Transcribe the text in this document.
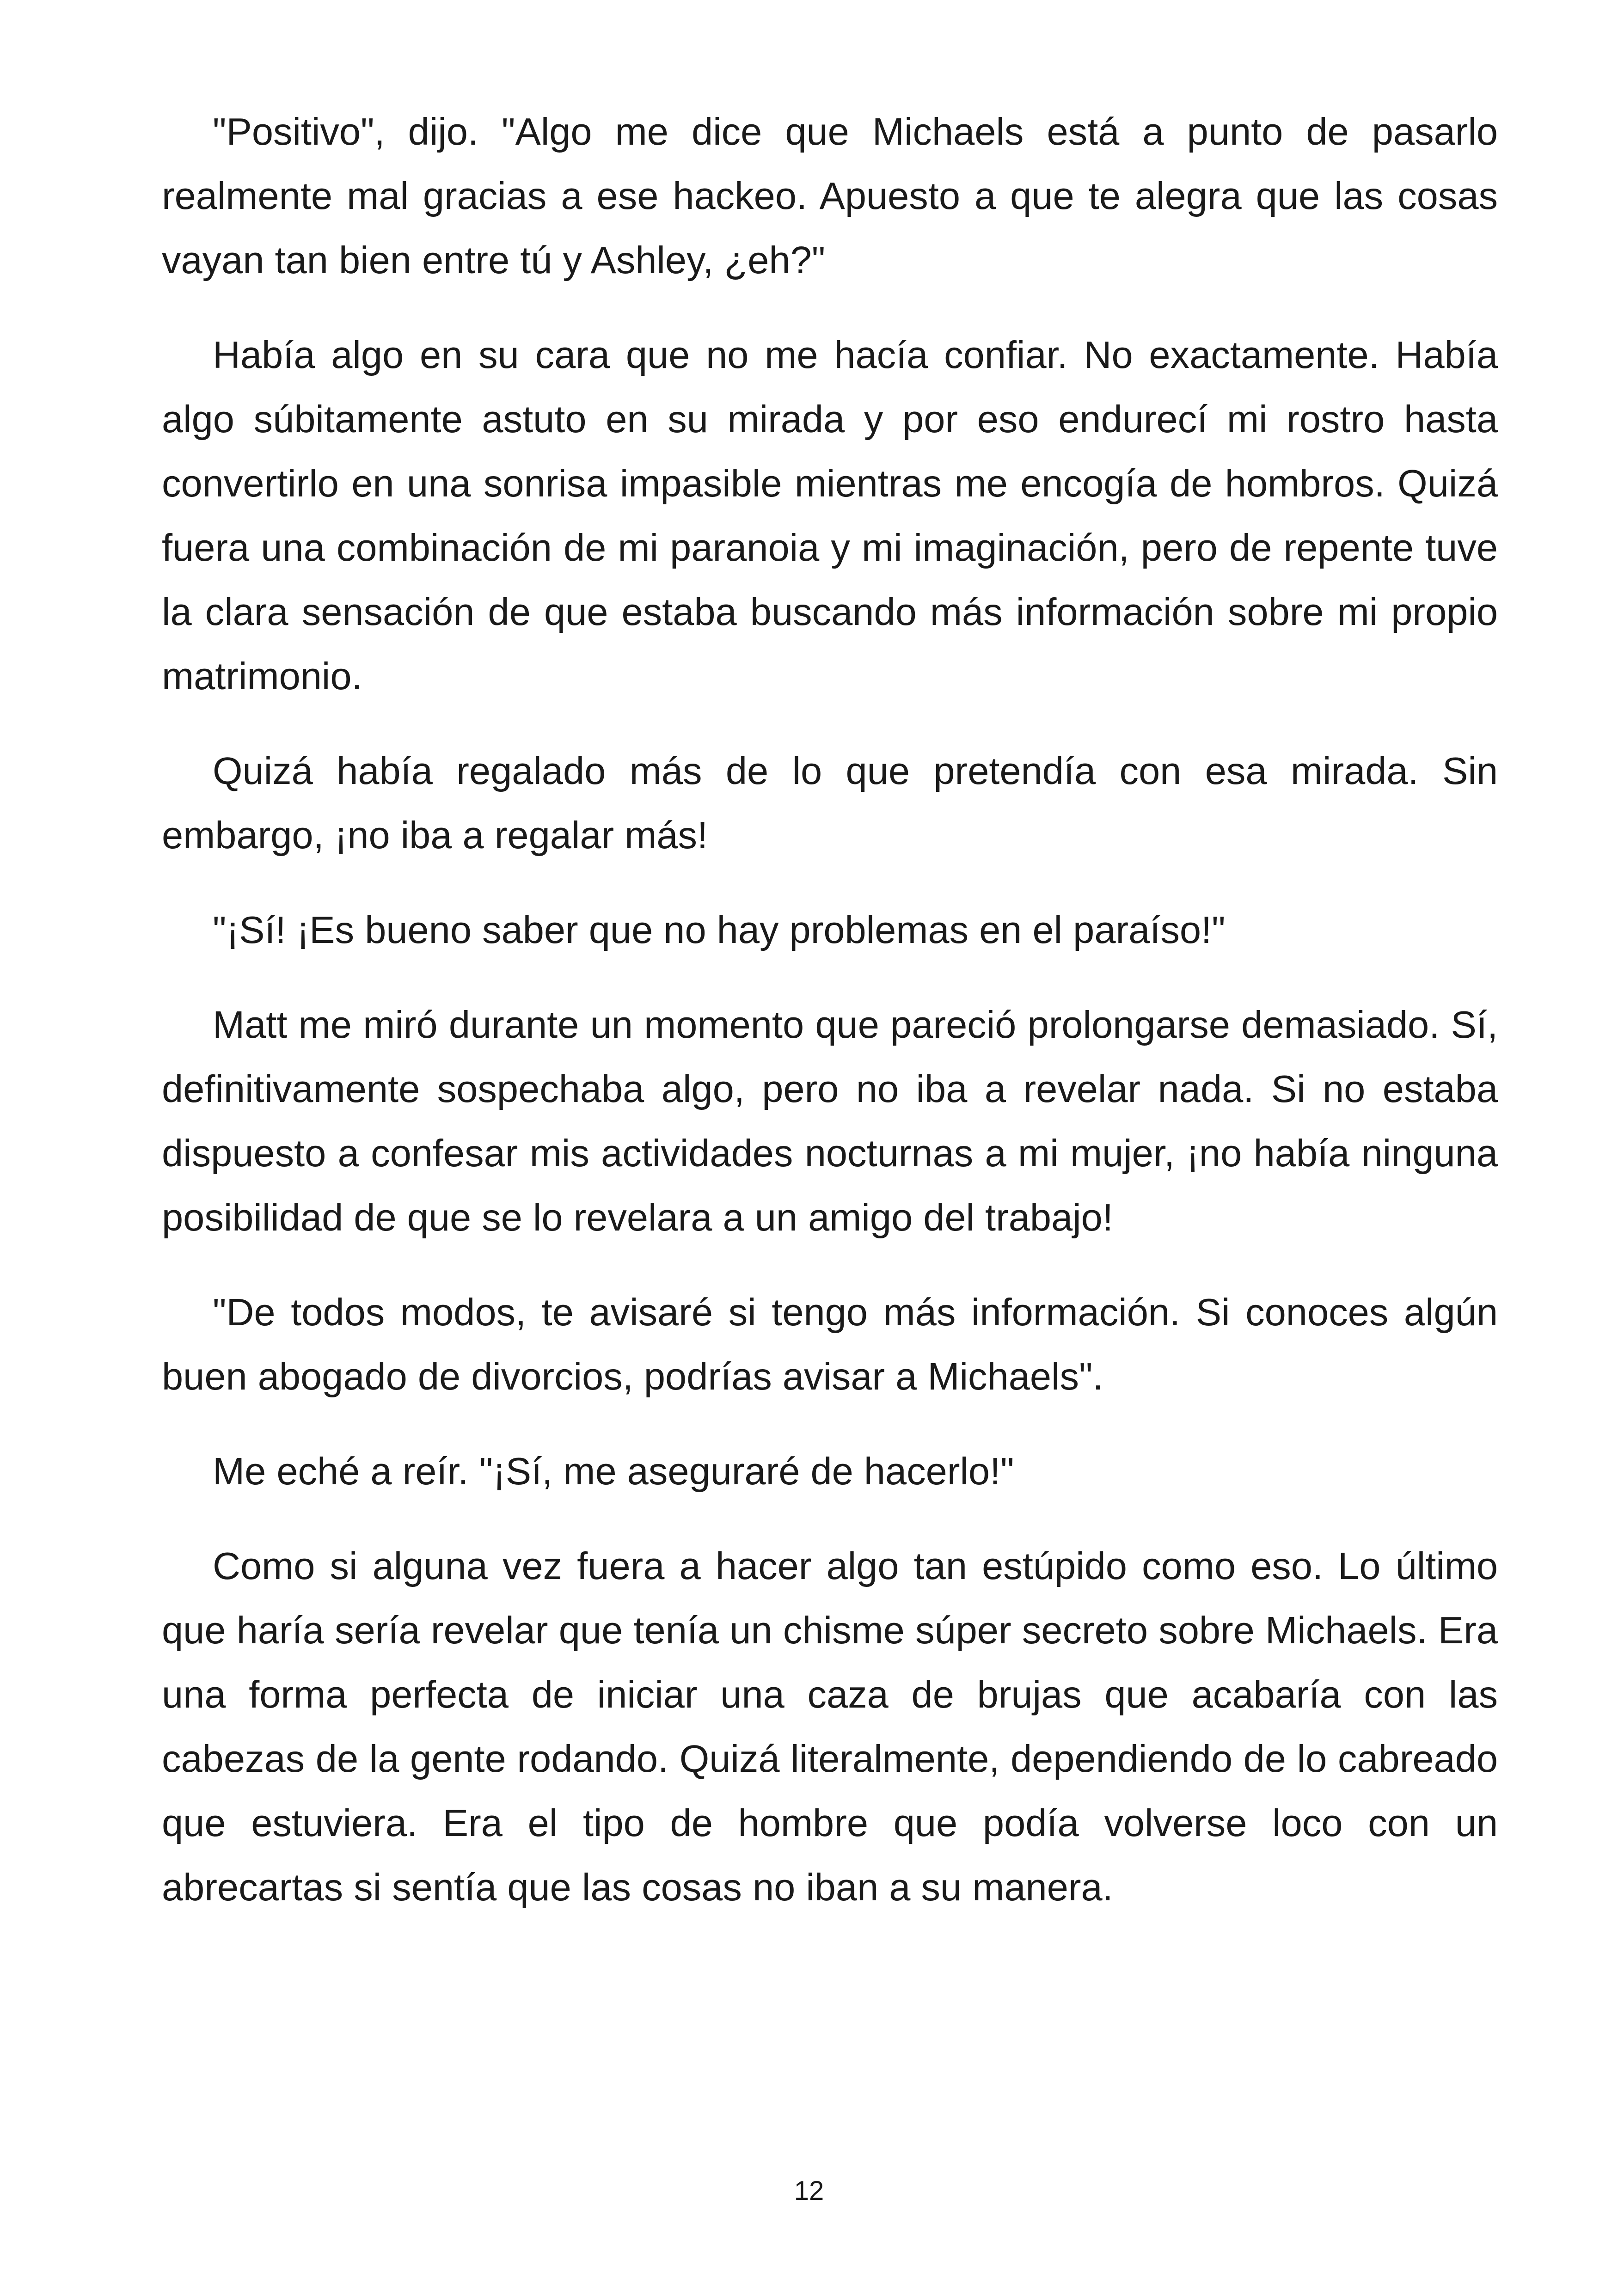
"Positivo", dijo. "Algo me dice que Michaels está a punto de pasarlo realmente mal gracias a ese hackeo. Apuesto a que te alegra que las cosas vayan tan bien entre tú y Ashley, ¿eh?"

Había algo en su cara que no me hacía confiar. No exactamente. Había algo súbitamente astuto en su mirada y por eso endurecí mi rostro hasta convertirlo en una sonrisa impasible mientras me encogía de hombros. Quizá fuera una combinación de mi paranoia y mi imaginación, pero de repente tuve la clara sensación de que estaba buscando más información sobre mi propio matrimonio.

Quizá había regalado más de lo que pretendía con esa mirada. Sin embargo, ¡no iba a regalar más!

"¡Sí! ¡Es bueno saber que no hay problemas en el paraíso!"

Matt me miró durante un momento que pareció prolongarse demasiado. Sí, definitivamente sospechaba algo, pero no iba a revelar nada. Si no estaba dispuesto a confesar mis actividades nocturnas a mi mujer, ¡no había ninguna posibilidad de que se lo revelara a un amigo del trabajo!

"De todos modos, te avisaré si tengo más información. Si conoces algún buen abogado de divorcios, podrías avisar a Michaels".

Me eché a reír. "¡Sí, me aseguraré de hacerlo!"

Como si alguna vez fuera a hacer algo tan estúpido como eso. Lo último que haría sería revelar que tenía un chisme súper secreto sobre Michaels. Era una forma perfecta de iniciar una caza de brujas que acabaría con las cabezas de la gente rodando. Quizá literalmente, dependiendo de lo cabreado que estuviera. Era el tipo de hombre que podía volverse loco con un abrecartas si sentía que las cosas no iban a su manera.

12
